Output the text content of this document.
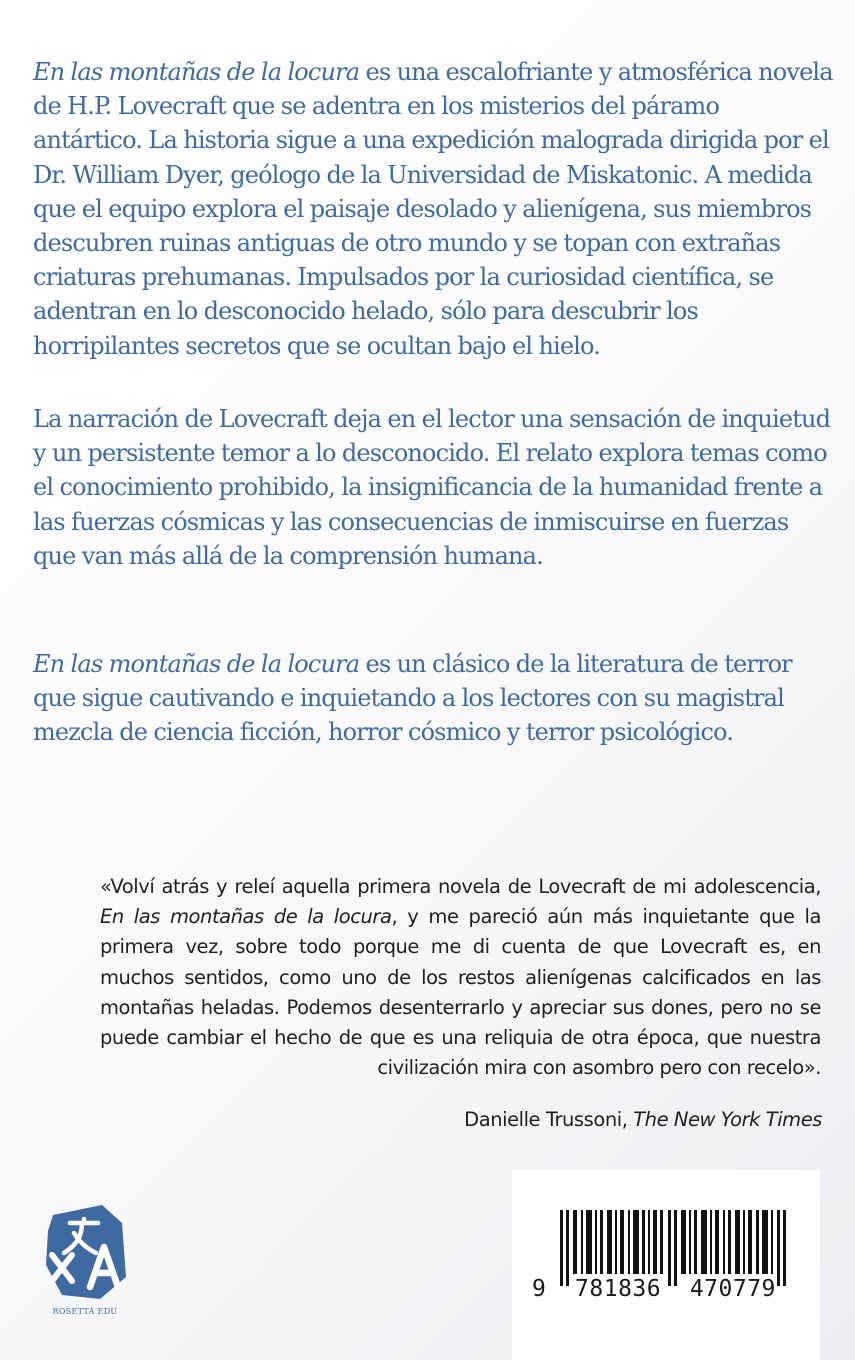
En las montañas de la locura es una escalofriante y atmosférica novela de H.P. Lovecraft que se adentra en los misterios del páramo antártico. La historia sigue a una expedición malograda dirigida por el Dr. William Dyer, geólogo de la Universidad de Miskatonic. A medida que el equipo explora el paisaje desolado y alienígena, sus miembros descubren ruinas antiguas de otro mundo y se topan con extrañas criaturas prehumanas. Impulsados por la curiosidad científica, se adentran en lo desconocido helado, sólo para descubrir los horripilantes secretos que se ocultan bajo el hielo.

La narración de Lovecraft deja en el lector una sensación de inquietud y un persistente temor a lo desconocido. El relato explora temas como el conocimiento prohibido, la insignificancia de la humanidad frente a las fuerzas cósmicas y las consecuencias de inmiscuirse en fuerzas que van más allá de la comprensión humana.

En las montañas de la locura es un clásico de la literatura de terror que sigue cautivando e inquietando a los lectores con su magistral mezcla de ciencia ficción, horror cósmico y terror psicológico.

«Volví atrás y releí aquella primera novela de Lovecraft de mi adolescencia, En las montañas de la locura, y me pareció aún más inquietante que la primera vez, sobre todo porque me di cuenta de que Lovecraft es, en muchos sentidos, como uno de los restos alienígenas calcificados en las montañas heladas. Podemos desenterrarlo y apreciar sus dones, pero no se puede cambiar el hecho de que es una reliquia de otra época, que nuestra civilización mira con asombro pero con recelo».

Danielle Trussoni, The New York Times
ROSETTA EDU
9  781836  470779
